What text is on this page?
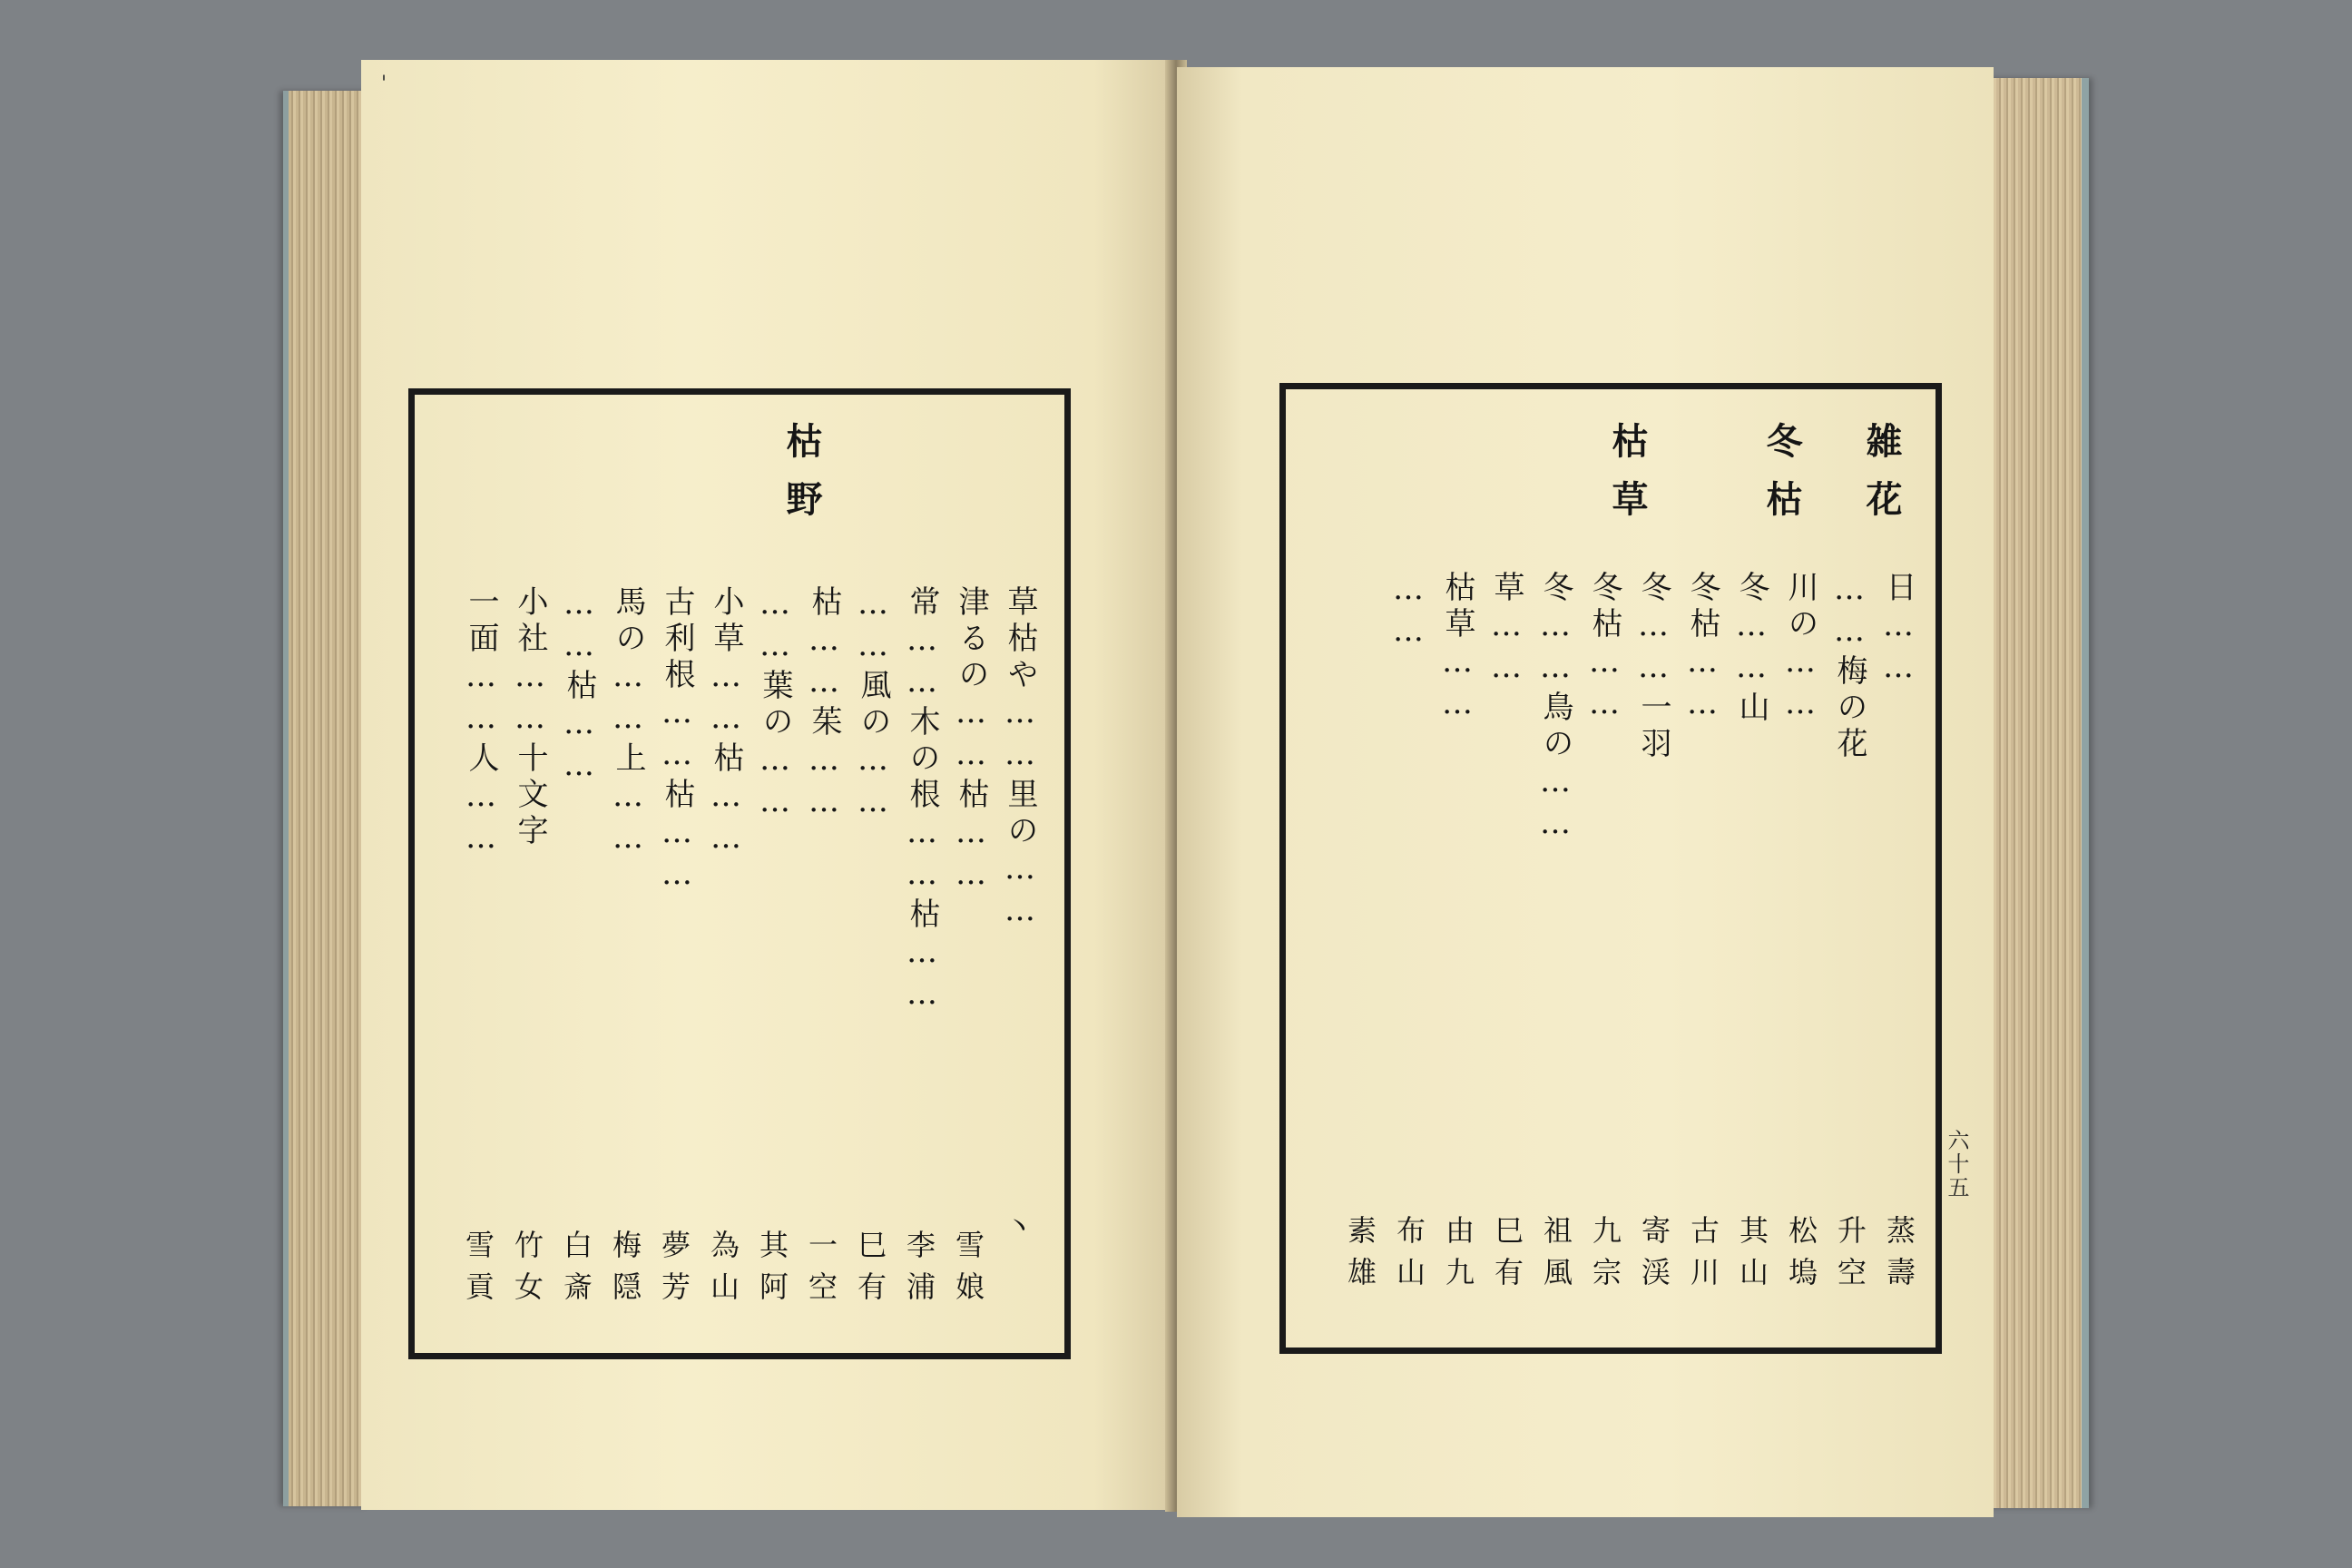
'
六十五
枯野
草枯や……里の……
津るの……枯……
常……木の根……枯……
……風の……
枯……茱……
……葉の……
小草……枯……
古利根……枯……
馬の……上……
……枯……
小社……十文字
一面……人……
丶
雪娘
李浦
巳有
一空
其阿
為山
夢芳
梅隠
白斎
竹女
雪貢
雑花
冬枯
枯草
日……
……梅の花
川の……
冬……山
冬枯……
冬……一羽
冬枯……
冬……鳥の……
草……
枯草……
……
蒸壽
升空
松塢
其山
古川
寄渓
九宗
祖風
巳有
由九
布山
素雄
